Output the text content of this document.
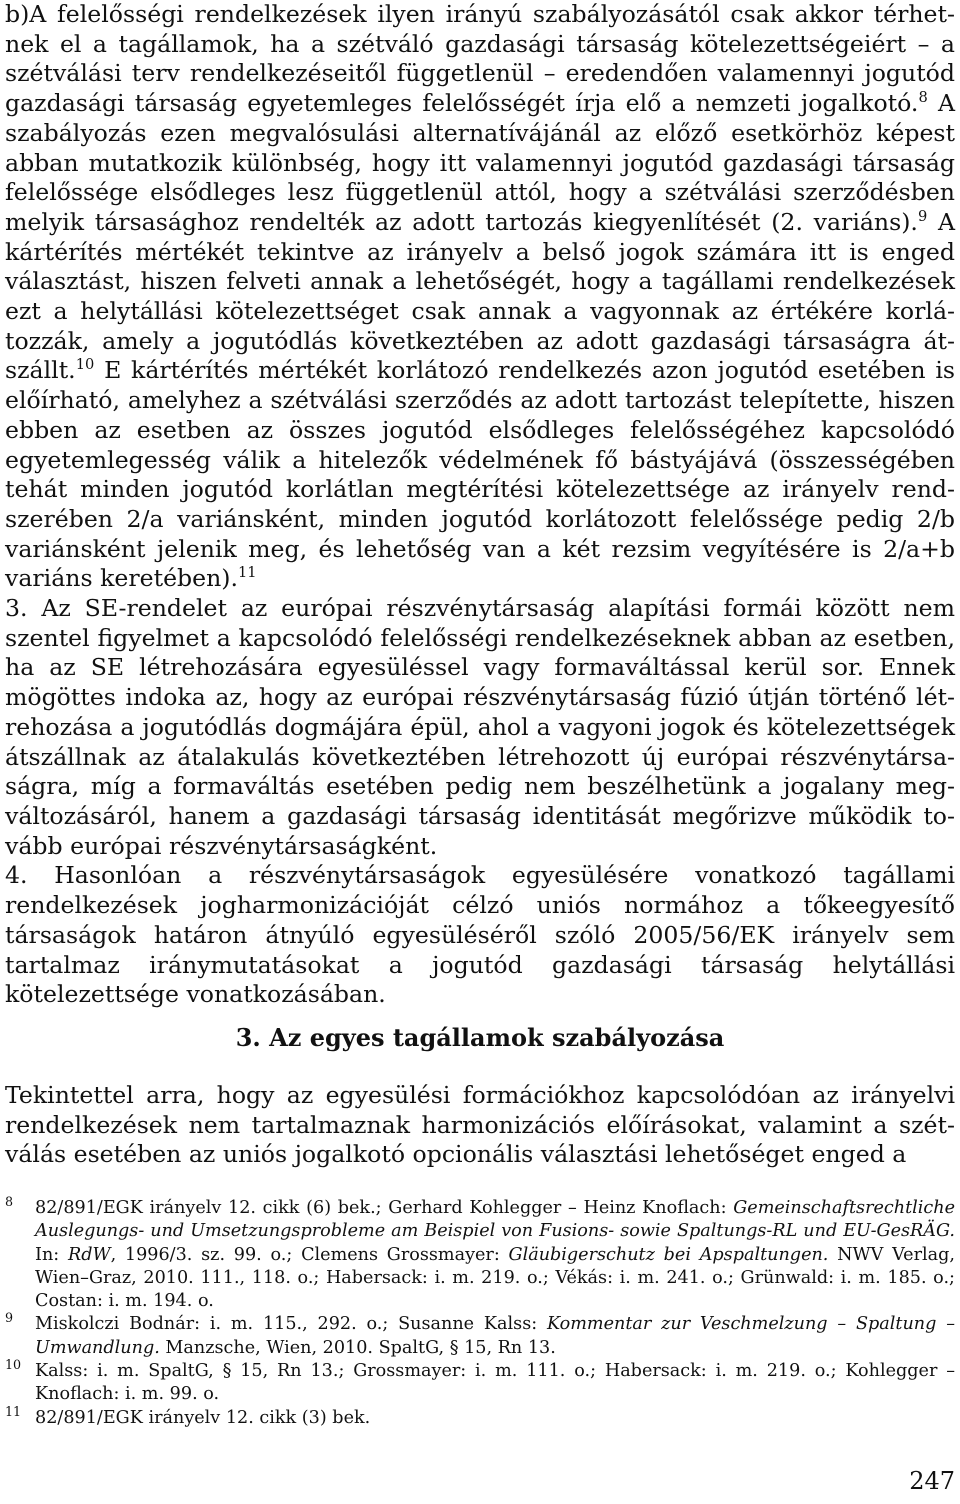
b)A felelősségi rendelkezések ilyen irányú szabályozásától csak akkor térhetnek el a tagállamok, ha a szétváló gazdasági társaság kötelezettségeiért – a szétválási terv rendelkezéseitől függetlenül – eredendően valamennyi jogutód gazdasági társaság egyetemleges felelősségét írja elő a nemzeti jogalkotó.$^8$ A szabályozás ezen megvalósulási alternatívájánál az előző esetkörhöz képest abban mutatkozik különbség, hogy itt valamennyi jogutód gazdasági társaság felelőssége elsődleges lesz függetlenül attól, hogy a szétválási szerződésben melyik társasághoz rendelték az adott tartozás kiegyenlítését (2. variáns).$^9$ A kártérítés mértékét tekintve az irányelv a belső jogok számára itt is enged választást, hiszen felveti annak a lehetőségét, hogy a tagállami rendelkezések ezt a helytállási kötelezettséget csak annak a vagyonnak az értékére korlátozzák, amely a jogutódlás következtében az adott gazdasági társaságra átszállt.$^{10}$ E kártérítés mértékét korlátozó rendelkezés azon jogutód esetében is előírható, amelyhez a szétválási szerződés az adott tartozást telepítette, hiszen ebben az esetben az összes jogutód elsődleges felelősségéhez kapcsolódó egyetemlegesség válik a hitelezők védelmének fő bástyájává (összességében tehát minden jogutód korlátlan megtérítési kötelezettsége az irányelv rendszerében 2/a variánsként, minden jogutód korlátozott felelőssége pedig 2/b variánsként jelenik meg, és lehetőség van a két rezsim vegyítésére is 2/a+b variáns keretében).$^{11}$

3. Az SE-rendelet az európai részvénytársaság alapítási formái között nem szentel figyelmet a kapcsolódó felelősségi rendelkezéseknek abban az esetben, ha az SE létrehozására egyesüléssel vagy formaváltással kerül sor. Ennek mögöttes indoka az, hogy az európai részvénytársaság fúzió útján történő létrehozása a jogutódlás dogmájára épül, ahol a vagyoni jogok és kötelezettségek átszállnak az átalakulás következtében létrehozott új európai részvénytársaságra, míg a formaváltás esetében pedig nem beszélhetünk a jogalany megváltozásáról, hanem a gazdasági társaság identitását megőrizve működik tovább európai részvénytársaságként.

4. Hasonlóan a részvénytársaságok egyesülésére vonatkozó tagállami rendelkezések jogharmonizációját célzó uniós normához a tőkeegyesítő társaságok határon átnyúló egyesüléséről szóló 2005/56/EK irányelv sem tartalmaz iránymutatásokat a jogutód gazdasági társaság helytállási kötelezettsége vonatkozásában.

3. Az egyes tagállamok szabályozása

Tekintettel arra, hogy az egyesülési formációkhoz kapcsolódóan az irányelvi rendelkezések nem tartalmaznak harmonizációs előírásokat, valamint a szétválás esetében az uniós jogalkotó opcionális választási lehetőséget enged a

$^8$ 82/891/EGK irányelv 12. cikk (6) bek.; Gerhard Kohlegger – Heinz Knoflach: Gemeinschaftsrechtliche Auslegungs- und Umsetzungsprobleme am Beispiel von Fusions- sowie Spaltungs-RL und EU-GesRÄG. In: RdW, 1996/3. sz. 99. o.; Clemens Grossmayer: Gläubigerschutz bei Apspaltungen. NWV Verlag, Wien–Graz, 2010. 111., 118. o.; Habersack: i. m. 219. o.; Vékás: i. m. 241. o.; Grünwald: i. m. 185. o.; Costan: i. m. 194. o.

$^9$ Miskolczi Bodnár: i. m. 115., 292. o.; Susanne Kalss: Kommentar zur Veschmelzung – Spaltung – Umwandlung. Manzsche, Wien, 2010. SpaltG, § 15, Rn 13.

$^{10}$ Kalss: i. m. SpaltG, § 15, Rn 13.; Grossmayer: i. m. 111. o.; Habersack: i. m. 219. o.; Kohlegger – Knoflach: i. m. 99. o.

$^{11}$ 82/891/EGK irányelv 12. cikk (3) bek.

247
